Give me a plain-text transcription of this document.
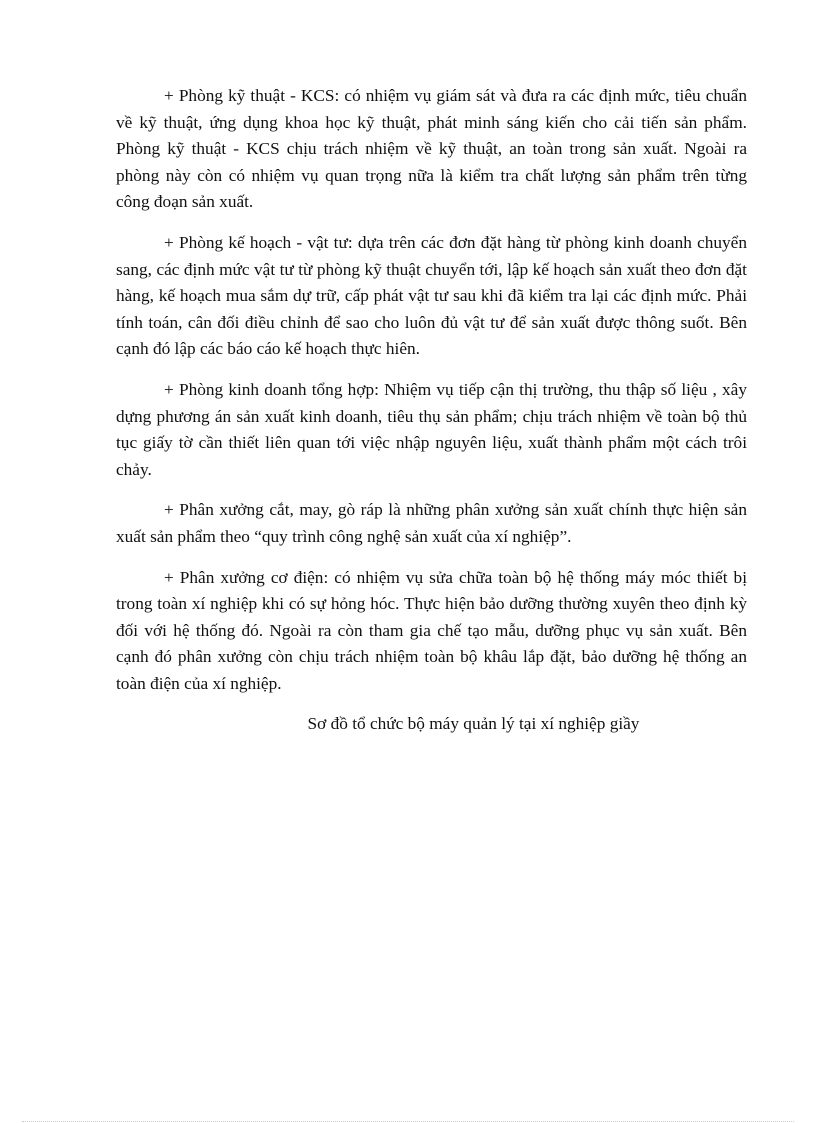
+ Phòng kỹ thuật - KCS: có nhiệm vụ giám sát và đưa ra các định mức, tiêu chuẩn về kỹ thuật, ứng dụng khoa học kỹ thuật, phát minh sáng kiến cho cải tiến sản phẩm. Phòng kỹ thuật - KCS chịu trách nhiệm về kỹ thuật, an toàn trong sản xuất. Ngoài ra phòng này còn có nhiệm vụ quan trọng nữa là kiểm tra chất lượng sản phẩm trên từng công đoạn sản xuất.

+ Phòng kế hoạch - vật tư: dựa trên các đơn đặt hàng từ phòng kinh doanh chuyển sang, các định mức vật tư từ phòng kỹ thuật chuyển tới, lập kế hoạch sản xuất theo đơn đặt hàng, kế hoạch mua sắm dự trữ, cấp phát vật tư sau khi đã kiểm tra lại các định mức. Phải tính toán, cân đối điều chỉnh để sao cho luôn đủ vật tư để sản xuất được thông suốt. Bên cạnh đó lập các báo cáo kế hoạch thực hiên.

+ Phòng kinh doanh tổng hợp: Nhiệm vụ tiếp cận thị trường, thu thập số liệu , xây dựng phương án sản xuất kinh doanh, tiêu thụ sản phẩm; chịu trách nhiệm về toàn bộ thủ tục giấy tờ cần thiết liên quan tới việc nhập nguyên liệu, xuất thành phẩm một cách trôi chảy.

+ Phân xưởng cắt, may, gò ráp là những phân xưởng sản xuất chính thực hiện sản xuất sản phẩm theo “quy trình công nghệ sản xuất của xí nghiệp”.

+ Phân xưởng cơ điện: có nhiệm vụ sửa chữa toàn bộ hệ thống máy móc thiết bị trong toàn xí nghiệp khi có sự hỏng hóc. Thực hiện bảo dưỡng thường xuyên theo định kỳ đối với hệ thống đó. Ngoài ra còn tham gia chế tạo mẫu, dưỡng phục vụ sản xuất. Bên cạnh đó phân xưởng còn chịu trách nhiệm toàn bộ khâu lắp đặt, bảo dưỡng hệ thống an toàn điện của xí nghiệp.

Sơ đồ tổ chức bộ máy quản lý tại xí nghiệp giầy
